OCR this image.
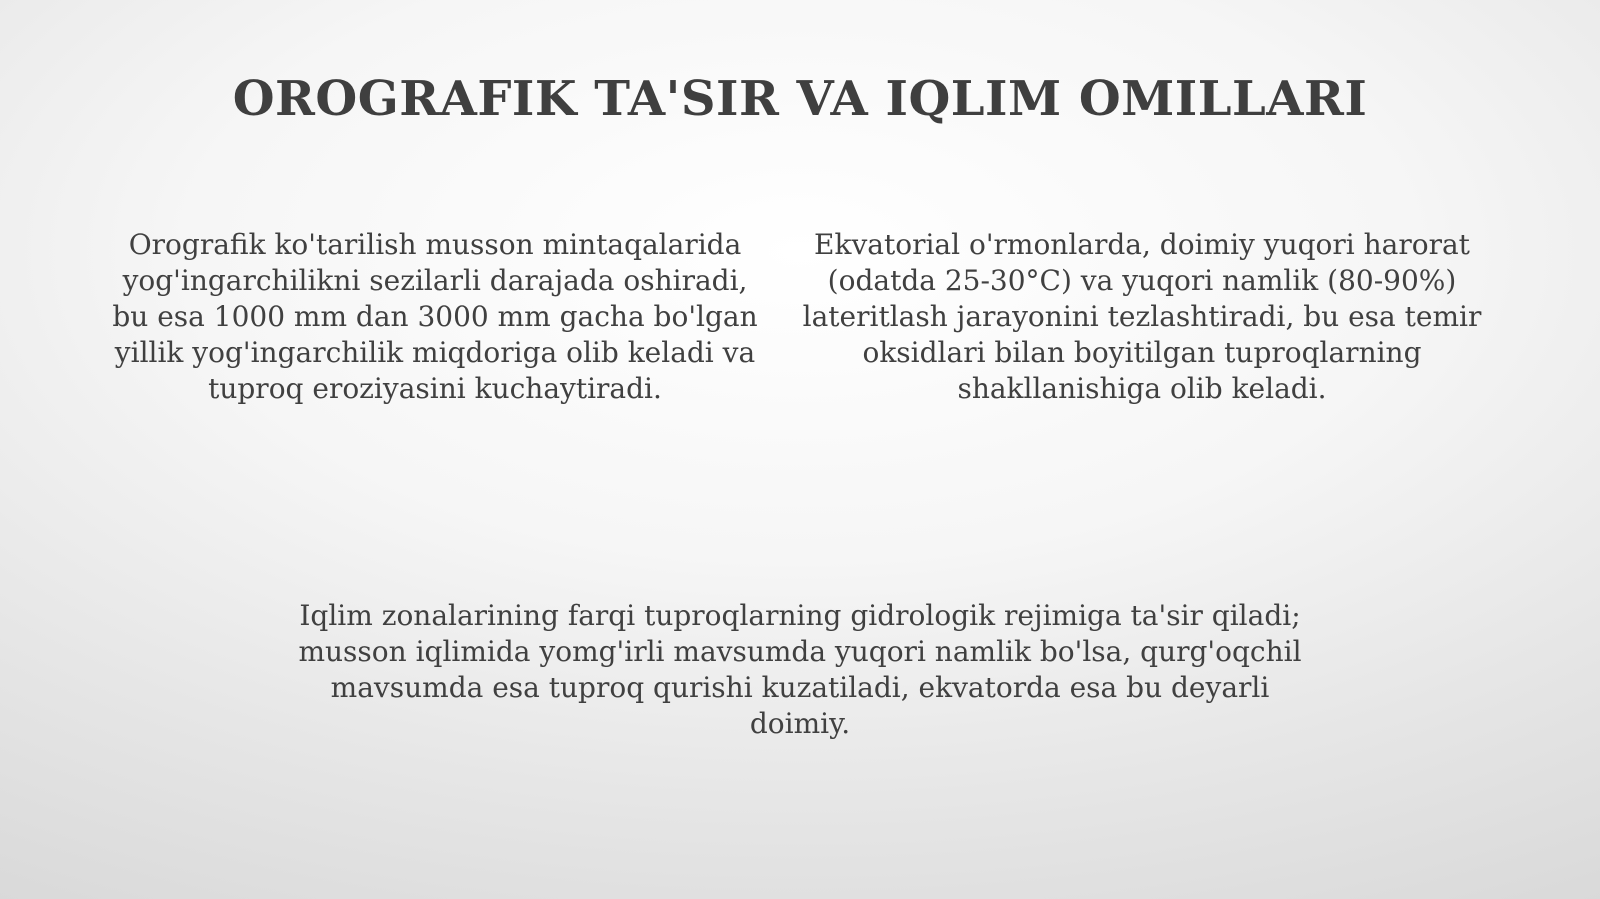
OROGRAFIK TA'SIR VA IQLIM OMILLARI

Orografik ko'tarilish musson mintaqalarida yog'ingarchilikni sezilarli darajada oshiradi, bu esa 1000 mm dan 3000 mm gacha bo'lgan yillik yog'ingarchilik miqdoriga olib keladi va tuproq eroziyasini kuchaytiradi.

Ekvatorial o'rmonlarda, doimiy yuqori harorat (odatda 25-30°C) va yuqori namlik (80-90%) lateritlash jarayonini tezlashtiradi, bu esa temir oksidlari bilan boyitilgan tuproqlarning shakllanishiga olib keladi.

Iqlim zonalarining farqi tuproqlarning gidrologik rejimiga ta'sir qiladi; musson iqlimida yomg'irli mavsumda yuqori namlik bo'lsa, qurg'oqchil mavsumda esa tuproq qurishi kuzatiladi, ekvatorda esa bu deyarli doimiy.
